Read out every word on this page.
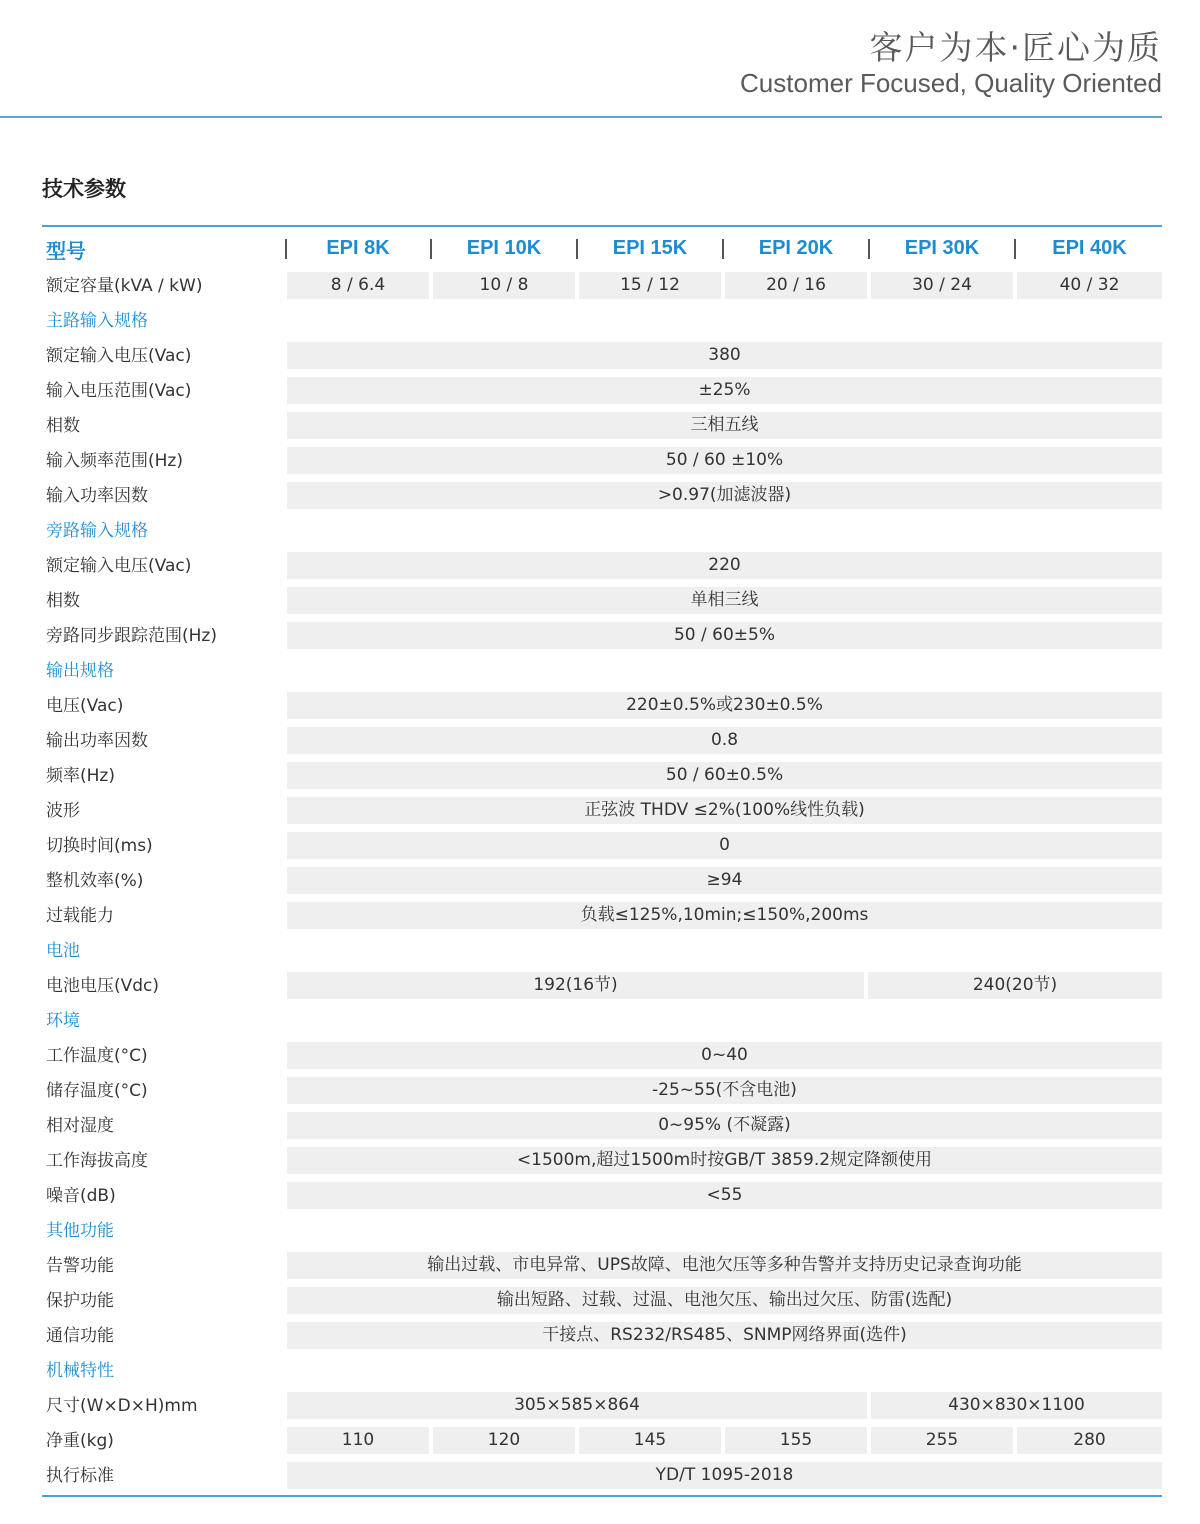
客户为本·匠心为质
Customer Focused, Quality Oriented
技术参数
型号	EPI 8K	EPI 10K	EPI 15K	EPI 20K	EPI 30K	EPI 40K
额定容量(kVA / kW)	8 / 6.4	10 / 8	15 / 12	20 / 16	30 / 24	40 / 32
主路输入规格
额定输入电压(Vac)	380
输入电压范围(Vac)	±25%
相数	三相五线
输入频率范围(Hz)	50 / 60 ±10%
输入功率因数	>0.97(加滤波器)
旁路输入规格
额定输入电压(Vac)	220
相数	单相三线
旁路同步跟踪范围(Hz)	50 / 60±5%
输出规格
电压(Vac)	220±0.5%或230±0.5%
输出功率因数	0.8
频率(Hz)	50 / 60±0.5%
波形	正弦波 THDV ≤2%(100%线性负载)
切换时间(ms)	0
整机效率(%)	≥94
过载能力	负载≤125%,10min;≤150%,200ms
电池
电池电压(Vdc)	192(16节)	240(20节)
环境
工作温度(°C)	0~40
储存温度(°C)	-25~55(不含电池)
相对湿度	0~95% (不凝露)
工作海拔高度	<1500m,超过1500m时按GB/T 3859.2规定降额使用
噪音(dB)	<55
其他功能
告警功能	输出过载、市电异常、UPS故障、电池欠压等多种告警并支持历史记录查询功能
保护功能	输出短路、过载、过温、电池欠压、输出过欠压、防雷(选配)
通信功能	干接点、RS232/RS485、SNMP网络界面(选件)
机械特性
尺寸(W×D×H)mm	305×585×864	430×830×1100
净重(kg)	110	120	145	155	255	280
执行标准	YD/T 1095-2018
